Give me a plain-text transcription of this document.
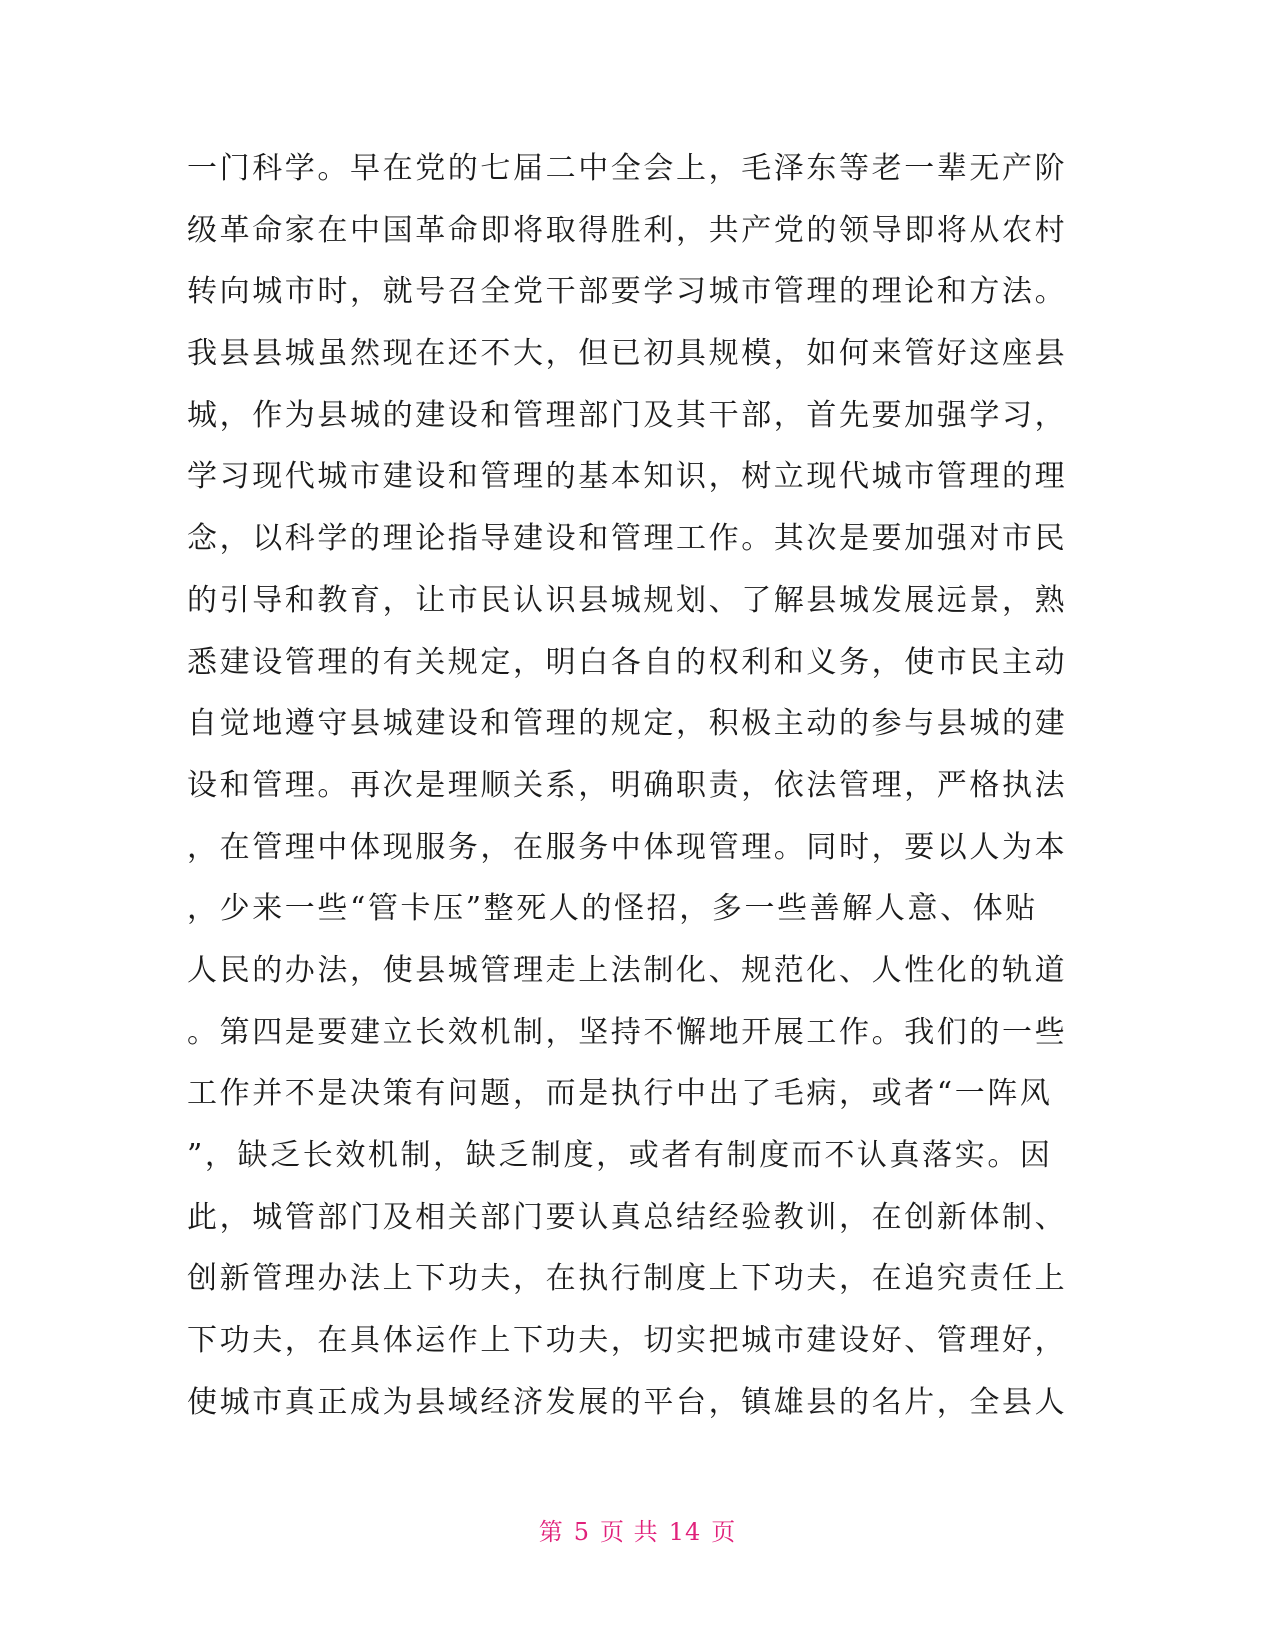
一门科学。早在党的七届二中全会上，毛泽东等老一辈无产阶
级革命家在中国革命即将取得胜利，共产党的领导即将从农村
转向城市时，就号召全党干部要学习城市管理的理论和方法。
我县县城虽然现在还不大，但已初具规模，如何来管好这座县
城，作为县城的建设和管理部门及其干部，首先要加强学习，
学习现代城市建设和管理的基本知识，树立现代城市管理的理
念，以科学的理论指导建设和管理工作。其次是要加强对市民
的引导和教育，让市民认识县城规划、了解县城发展远景，熟
悉建设管理的有关规定，明白各自的权利和义务，使市民主动
自觉地遵守县城建设和管理的规定，积极主动的参与县城的建
设和管理。再次是理顺关系，明确职责，依法管理，严格执法
，在管理中体现服务，在服务中体现管理。同时，要以人为本
，少来一些“管卡压”整死人的怪招，多一些善解人意、体贴
人民的办法，使县城管理走上法制化、规范化、人性化的轨道
。第四是要建立长效机制，坚持不懈地开展工作。我们的一些
工作并不是决策有问题，而是执行中出了毛病，或者“一阵风
”，缺乏长效机制，缺乏制度，或者有制度而不认真落实。因
此，城管部门及相关部门要认真总结经验教训，在创新体制、
创新管理办法上下功夫，在执行制度上下功夫，在追究责任上
下功夫，在具体运作上下功夫，切实把城市建设好、管理好，
使城市真正成为县域经济发展的平台，镇雄县的名片，全县人
第 5 页 共 14 页
